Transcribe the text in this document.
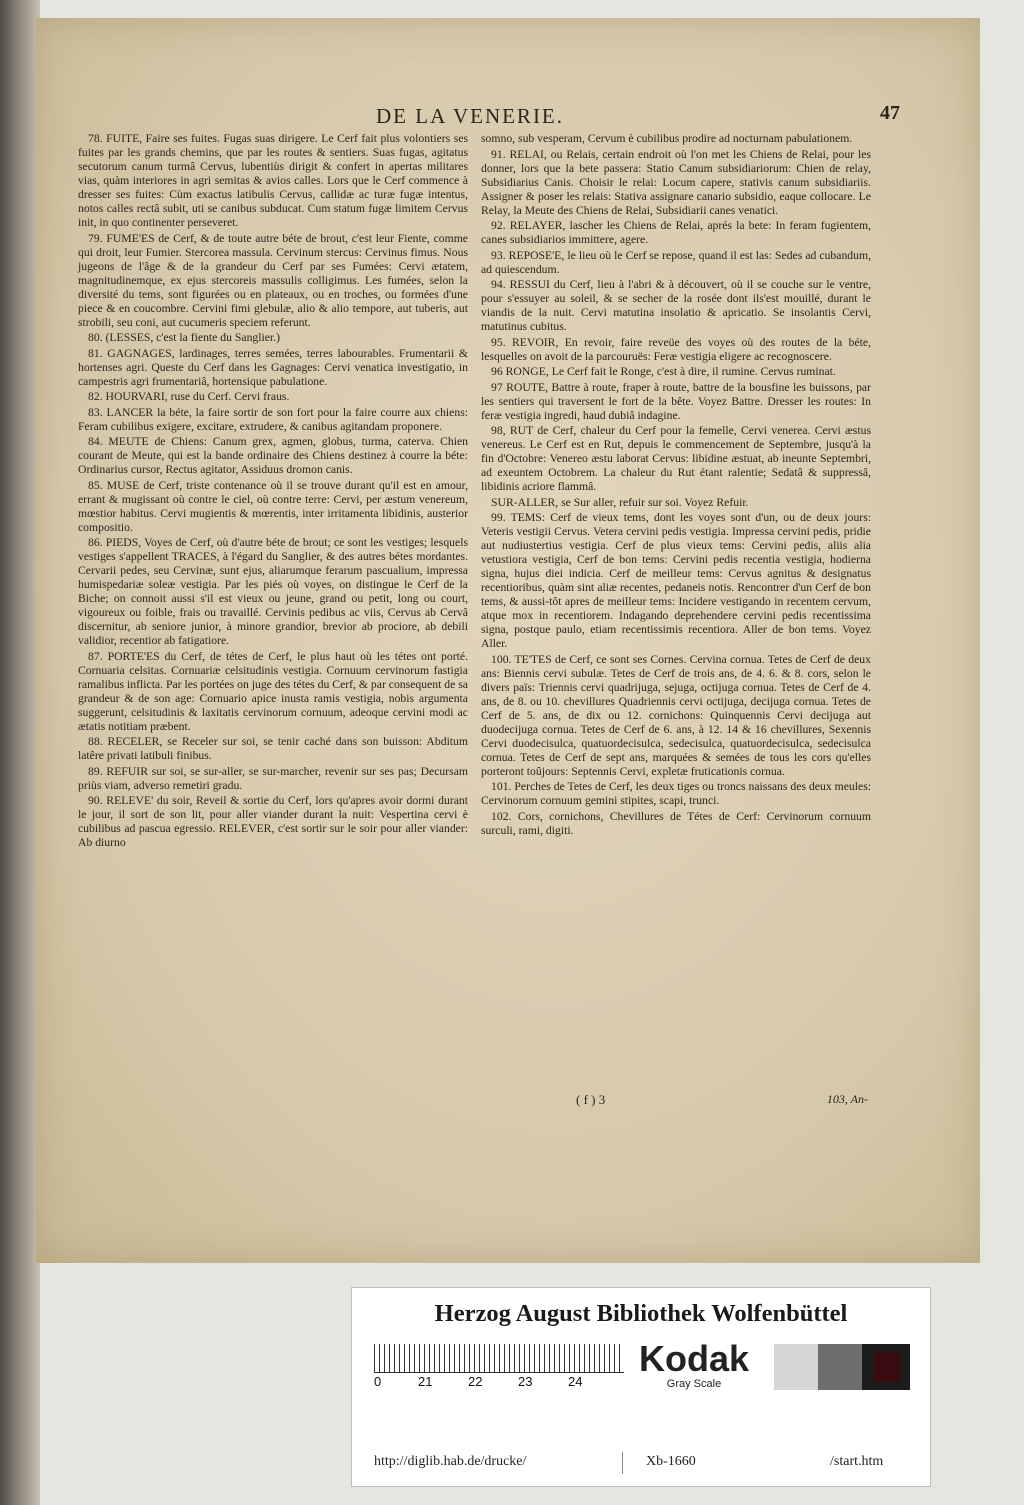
DE LA VENERIE.	47

78. FUITE, Faire ses fuites. Fugas suas dirigere. Le Cerf fait plus volontiers ses fuites par les grands chemins, que par les routes & sentiers. Suas fugas, agitatus secutorum canum turmâ Cervus, lubentiùs dirigit & confert in apertas militares vias, quàm interiores in agri semitas & avios calles. Lors que le Cerf commence à dresser ses fuites: Cùm exactus latibulis Cervus, callidæ ac turæ fugæ intentus, notos calles rectâ subit, uti se canibus subducat. Cum statum fugæ limitem Cervus init, in quo continenter perseveret.

79. FUME'ES de Cerf, & de toute autre béte de brout, c'est leur Fiente, comme qui droit, leur Fumier. Stercorea massula. Cervinum stercus: Cervinus fimus. Nous jugeons de l'âge & de la grandeur du Cerf par ses Fumées: Cervi ætatem, magnitudinemque, ex ejus stercoreis massulis colligimus. Les fumées, selon la diversité du tems, sont figurées ou en plateaux, ou en troches, ou formées d'une piece & en coucombre. Cervini fimi glebulæ, alio & alio tempore, aut tuberis, aut strobili, seu coni, aut cucumeris speciem referunt.

80. (LESSES, c'est la fiente du Sanglier.)

81. GAGNAGES, lardinages, terres semées, terres labourables. Frumentarii & hortenses agri. Queste du Cerf dans les Gagnages: Cervi venatica investigatio, in campestris agri frumentariâ, hortensique pabulatione.

82. HOURVARI, ruse du Cerf. Cervi fraus.

83. LANCER la béte, la faire sortir de son fort pour la faire courre aux chiens: Feram cubilibus exigere, excitare, extrudere, & canibus agitandam proponere.

84. MEUTE de Chiens: Canum grex, agmen, globus, turma, caterva. Chien courant de Meute, qui est la bande ordinaire des Chiens destinez à courre la béte: Ordinarius cursor, Rectus agitator, Assiduus dromon canis.

85. MUSE de Cerf, triste contenance où il se trouve durant qu'il est en amour, errant & mugissant où contre le ciel, où contre terre: Cervi, per æstum venereum, mœstior habitus. Cervi mugientis & mœrentis, inter irritamenta libidinis, austerior compositio.

86. PIEDS, Voyes de Cerf, où d'autre béte de brout; ce sont les vestiges; lesquels vestiges s'appellent TRACES, à l'égard du Sanglier, & des autres bétes mordantes. Cervarii pedes, seu Cervinæ, sunt ejus, aliarumque ferarum pascualium, impressa humispedariæ soleæ vestigia. Par les piés où voyes, on distingue le Cerf de la Biche; on connoit aussi s'il est vieux ou jeune, grand ou petit, long ou court, vigoureux ou foible, frais ou travaillé. Cervinis pedibus ac viis, Cervus ab Cervâ discernitur, ab seniore junior, à minore grandior, brevior ab prociore, ab debili validior, recentior ab fatigatiore.

87. PORTE'ES du Cerf, de tétes de Cerf, le plus haut où les tétes ont porté. Cornuaria celsitas. Cornuariæ celsitudinis vestigia. Cornuum cervinorum fastigia ramalibus inflicta. Par les portées on juge des tétes du Cerf, & par consequent de sa grandeur & de son age: Cornuario apice inusta ramis vestigia, nobis argumenta suggerunt, celsitudinis & laxitatis cervinorum cornuum, adeoque cervini modi ac ætatis notitiam præbent.

88. RECELER, se Receler sur soi, se tenir caché dans son buisson: Abditum latêre privati latibuli finibus.

89. REFUIR sur soi, se sur-aller, se sur-marcher, revenir sur ses pas; Decursam priùs viam, adverso remetiri gradu.

90. RELEVE' du soir, Reveil & sortie du Cerf, lors qu'apres avoir dormi durant le jour, il sort de son lit, pour aller viander durant la nuit: Vespertina cervi è cubilibus ad pascua egressio. RELEVER, c'est sortir sur le soir pour aller viander: Ab diurno

somno, sub vesperam, Cervum è cubilibus prodire ad nocturnam pabulationem.

91. RELAI, ou Relais, certain endroit où l'on met les Chiens de Relai, pour les donner, lors que la bete passera: Statio Canum subsidiariorum: Chien de relay, Subsidiarius Canis. Choisir le relai: Locum capere, stativis canum subsidiariis. Assigner & poser les relais: Stativa assignare canario subsidio, eaque collocare. Le Relay, la Meute des Chiens de Relai, Subsidiarii canes venatici.

92. RELAYER, lascher les Chiens de Relai, aprés la bete: In feram fugientem, canes subsidiarios immittere, agere.

93. REPOSE'E, le lieu où le Cerf se repose, quand il est las: Sedes ad cubandum, ad quiescendum.

94. RESSUI du Cerf, lieu à l'abri & à découvert, où il se couche sur le ventre, pour s'essuyer au soleil, & se secher de la rosée dont ils'est mouillé, durant le viandis de la nuit. Cervi matutina insolatio & apricatio. Se insolantis Cervi, matutinus cubitus.

95. REVOIR, En revoir, faire reveüe des voyes où des routes de la béte, lesquelles on avoit de la parcouruës: Feræ vestigia eligere ac recognoscere.

96 RONGE, Le Cerf fait le Ronge, c'est à dire, il rumine. Cervus ruminat.

97 ROUTE, Battre à route, fraper à route, battre de la bousfine les buissons, par les sentiers qui traversent le fort de la bête. Voyez Battre. Dresser les routes: In feræ vestigia ingredi, haud dubiâ indagine.

98, RUT de Cerf, chaleur du Cerf pour la femelle, Cervi venerea. Cervi æstus venereus. Le Cerf est en Rut, depuis le commencement de Septembre, jusqu'à la fin d'Octobre: Venereo æstu laborat Cervus: libidine æstuat, ab ineunte Septembri, ad exeuntem Octobrem. La chaleur du Rut étant ralentie; Sedatâ & suppressâ, libidinis acriore flammâ.

SUR-ALLER, se Sur aller, refuir sur soi. Voyez Refuir.

99. TEMS: Cerf de vieux tems, dont les voyes sont d'un, ou de deux jours: Veteris vestigii Cervus. Vetera cervini pedis vestigia. Impressa cervini pedis, pridie aut nudiustertius vestigia. Cerf de plus vieux tems: Cervini pedis, aliis alia vetustiora vestigia, Cerf de bon tems: Cervini pedis recentia vestigia, hodierna signa, hujus diei indicia. Cerf de meilleur tems: Cervus agnitus & designatus recentioribus, quàm sint aliæ recentes, pedaneis notis. Rencontrer d'un Cerf de bon tems, & aussi-tôt apres de meilleur tems: Incidere vestigando in recentem cervum, atque mox in recentiorem. Indagando deprehendere cervini pedis recentissima signa, postque paulo, etiam recentissimis recentiora. Aller de bon tems. Voyez Aller.

100. TE'TES de Cerf, ce sont ses Cornes. Cervina cornua. Tetes de Cerf de deux ans: Biennis cervi subulæ. Tetes de Cerf de trois ans, de 4. 6. & 8. cors, selon le divers païs: Triennis cervi quadrijuga, sejuga, octijuga cornua. Tetes de Cerf de 4. ans, de 8. ou 10. chevillures Quadriennis cervi octijuga, decijuga cornua. Tetes de Cerf de 5. ans, de dix ou 12. cornichons: Quinquennis Cervi decijuga aut duodecijuga cornua. Tetes de Cerf de 6. ans, à 12. 14 & 16 chevillures, Sexennis Cervi duodecisulca, quatuordecisulca, sedecisulca, quatuordecisulca, sedecisulca cornua. Tetes de Cerf de sept ans, marquées & semées de tous les cors qu'elles porteront toûjours: Septennis Cervi, expletæ fruticationis cornua.

101. Perches de Tetes de Cerf, les deux tiges ou troncs naissans des deux meules: Cervinorum cornuum gemini stipites, scapi, trunci.

102. Cors, cornichons, Chevillures de Tétes de Cerf: Cervinorum cornuum surculi, rami, digiti.

( f ) 3	103, An-
Herzog August Bibliothek Wolfenbüttel
0	21	22	23	24
Kodak
Gray Scale
http://diglib.hab.de/drucke/	Xb-1660	/start.htm
